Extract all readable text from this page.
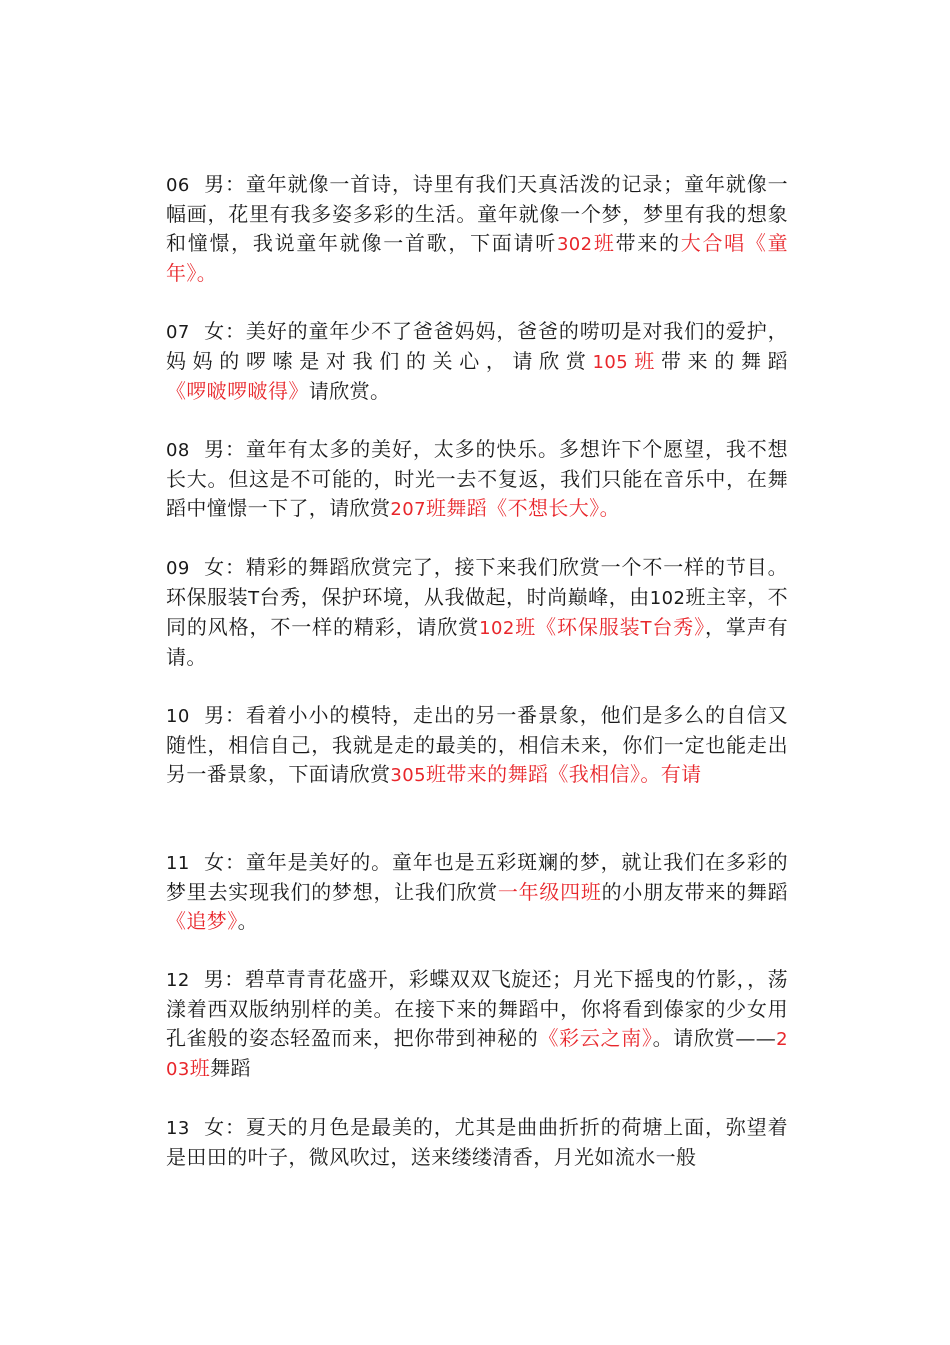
06 男：童年就像一首诗，诗里有我们天真活泼的记录；童年就像一幅画，花里有我多姿多彩的生活。童年就像一个梦，梦里有我的想象和憧憬，我说童年就像一首歌，下面请听302班带来的大合唱《童年》。

07 女：美好的童年少不了爸爸妈妈，爸爸的唠叨是对我们的爱护，妈妈的啰嗦是对我们的关心，请欣赏105班带来的舞蹈《啰啵啰啵得》请欣赏。

08 男：童年有太多的美好，太多的快乐。多想许下个愿望，我不想长大。但这是不可能的，时光一去不复返，我们只能在音乐中，在舞蹈中憧憬一下了，请欣赏207班舞蹈《不想长大》。

09 女：精彩的舞蹈欣赏完了，接下来我们欣赏一个不一样的节目。环保服装T台秀，保护环境，从我做起，时尚巅峰，由102班主宰，不同的风格，不一样的精彩，请欣赏102班《环保服装T台秀》，掌声有请。

10 男：看着小小的模特，走出的另一番景象，他们是多么的自信又随性，相信自己，我就是走的最美的，相信未来，你们一定也能走出另一番景象，下面请欣赏305班带来的舞蹈《我相信》。有请

11 女：童年是美好的。童年也是五彩斑斓的梦，就让我们在多彩的梦里去实现我们的梦想，让我们欣赏一年级四班的小朋友带来的舞蹈《追梦》。

12 男：碧草青青花盛开，彩蝶双双飞旋还；月光下摇曳的竹影，，荡漾着西双版纳别样的美。在接下来的舞蹈中，你将看到傣家的少女用孔雀般的姿态轻盈而来，把你带到神秘的《彩云之南》。请欣赏——203班舞蹈

13 女：夏天的月色是最美的，尤其是曲曲折折的荷塘上面，弥望着是田田的叶子，微风吹过，送来缕缕清香，月光如流水一般
